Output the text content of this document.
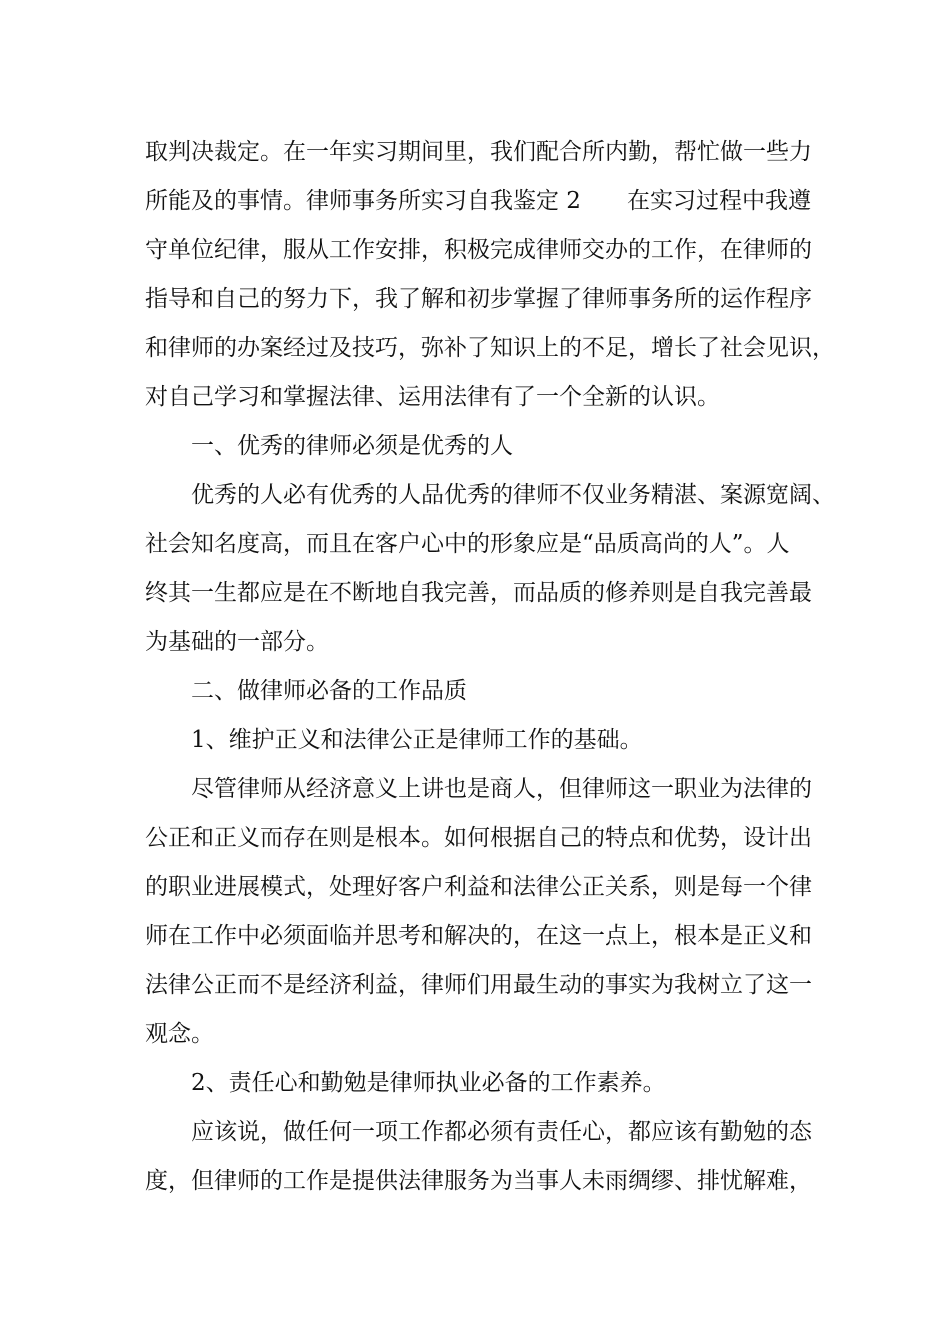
取判决裁定。在一年实习期间里，我们配合所内勤，帮忙做一些力
所能及的事情。律师事务所实习自我鉴定 2 在实习过程中我遵
守单位纪律，服从工作安排，积极完成律师交办的工作，在律师的
指导和自己的努力下，我了解和初步掌握了律师事务所的运作程序
和律师的办案经过及技巧，弥补了知识上的不足，增长了社会见识，
对自己学习和掌握法律、运用法律有了一个全新的认识。
一、优秀的律师必须是优秀的人
优秀的人必有优秀的人品优秀的律师不仅业务精湛、案源宽阔、
社会知名度高，而且在客户心中的形象应是“品质高尚的人”。人
终其一生都应是在不断地自我完善，而品质的修养则是自我完善最
为基础的一部分。
二、做律师必备的工作品质
1、维护正义和法律公正是律师工作的基础。
尽管律师从经济意义上讲也是商人，但律师这一职业为法律的
公正和正义而存在则是根本。如何根据自己的特点和优势，设计出
的职业进展模式，处理好客户利益和法律公正关系，则是每一个律
师在工作中必须面临并思考和解决的，在这一点上，根本是正义和
法律公正而不是经济利益，律师们用最生动的事实为我树立了这一
观念。
2、责任心和勤勉是律师执业必备的工作素养。
应该说，做任何一项工作都必须有责任心，都应该有勤勉的态
度，但律师的工作是提供法律服务为当事人未雨绸缪、排忧解难，
